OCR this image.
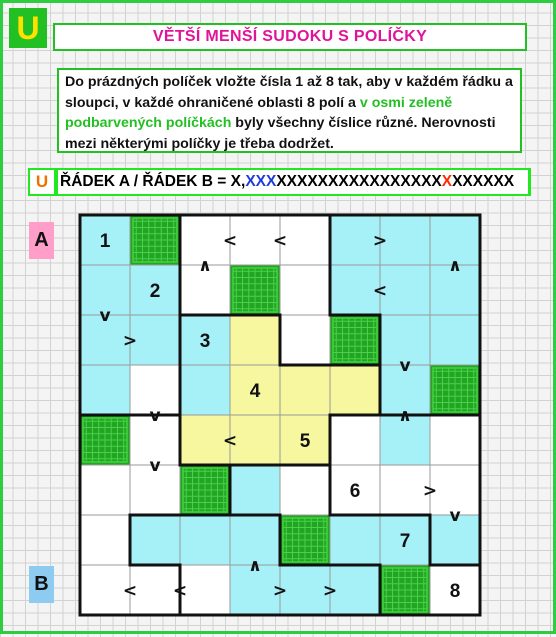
U	VĚTŠÍ MENŠÍ SUDOKU S POLÍČKY
Do prázdných políček vložte čísla 1 až 8 tak, aby v každém řádku a sloupci, v každé ohraničené oblasti 8 polí a v osmi zeleně podbarvených políčkách byly všechny číslice různé. Nerovnosti mezi některými políčky je třeba dodržet.
U ŘÁDEK A / ŘÁDEK B = X,XXXXXXXXXXXXXXXXXXXXXXXXXX
A
B
1
2
3
4
5
6
7
8
< <	>
<
>
<
>
< <	> >
∧	∧
v
v
v	∧
v
v
∧
